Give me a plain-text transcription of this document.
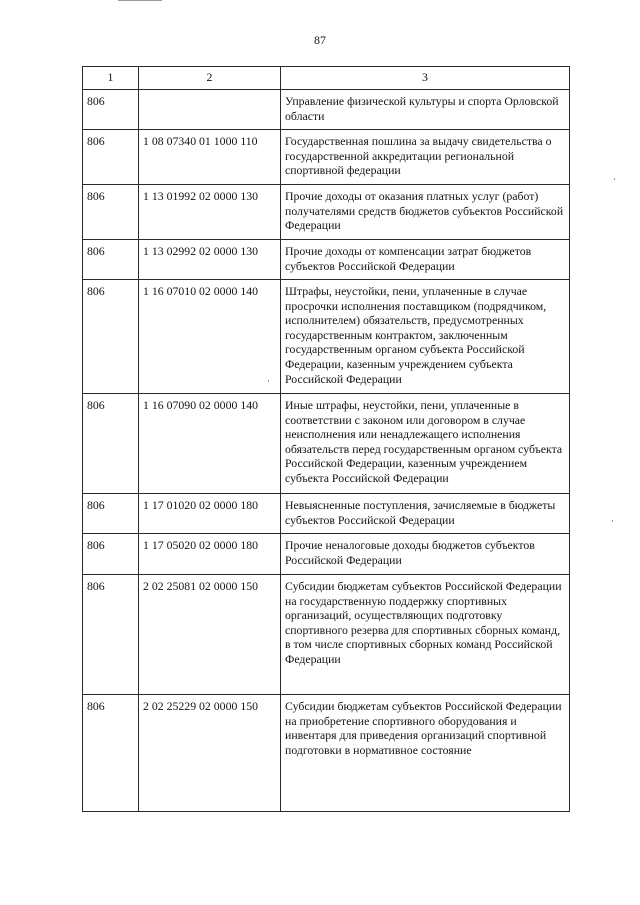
87
1	2	3
806		Управление физической культуры и спорта Орловской области
806	1 08 07340 01 1000 110	Государственная пошлина за выдачу свидетельства о государственной аккредитации региональной спортивной федерации
806	1 13 01992 02 0000 130	Прочие доходы от оказания платных услуг (работ) получателями средств бюджетов субъектов Российской Федерации
806	1 13 02992 02 0000 130	Прочие доходы от компенсации затрат бюджетов субъектов Российской Федерации
806	1 16 07010 02 0000 140	Штрафы, неустойки, пени, уплаченные в случае просрочки исполнения поставщиком (подрядчиком, исполнителем) обязательств, предусмотренных государственным контрактом, заключенным государственным органом субъекта Российской Федерации, казенным учреждением субъекта Российской Федерации
806	1 16 07090 02 0000 140	Иные штрафы, неустойки, пени, уплаченные в соответствии с законом или договором в случае неисполнения или ненадлежащего исполнения обязательств перед государственным органом субъекта Российской Федерации, казенным учреждением субъекта Российской Федерации
806	1 17 01020 02 0000 180	Невыясненные поступления, зачисляемые в бюджеты субъектов Российской Федерации
806	1 17 05020 02 0000 180	Прочие неналоговые доходы бюджетов субъектов Российской Федерации
806	2 02 25081 02 0000 150	Субсидии бюджетам субъектов Российской Федерации на государственную поддержку спортивных организаций, осуществляющих подготовку спортивного резерва для спортивных сборных команд, в том числе спортивных сборных команд Российской Федерации
806	2 02 25229 02 0000 150	Субсидии бюджетам субъектов Российской Федерации на приобретение спортивного оборудования и инвентаря для приведения организаций спортивной подготовки в нормативное состояние
